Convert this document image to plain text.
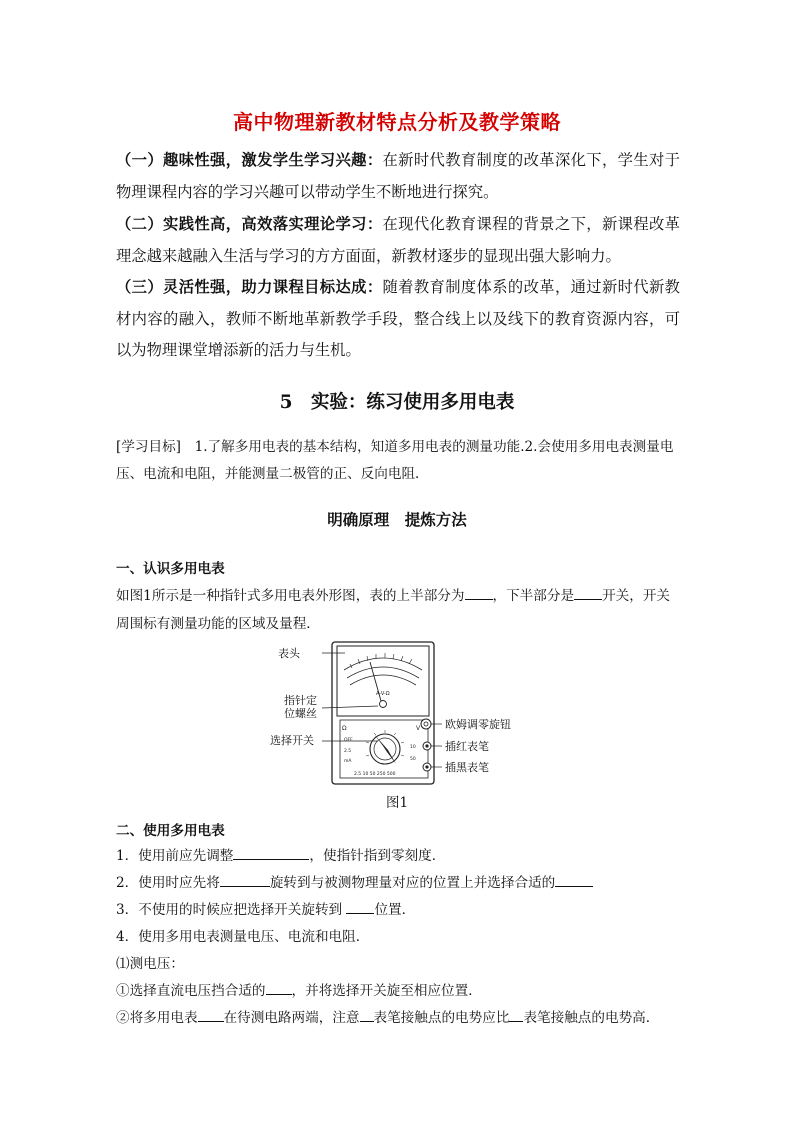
高中物理新教材特点分析及教学策略
（一）趣味性强，激发学生学习兴趣：在新时代教育制度的改革深化下，学生对于物理课程内容的学习兴趣可以带动学生不断地进行探究。
（二）实践性高，高效落实理论学习：在现代化教育课程的背景之下，新课程改革理念越来越融入生活与学习的方方面面，新教材逐步的显现出强大影响力。
（三）灵活性强，助力课程目标达成：随着教育制度体系的改革，通过新时代新教材内容的融入，教师不断地革新教学手段，整合线上以及线下的教育资源内容，可以为物理课堂增添新的活力与生机。
5　实验：练习使用多用电表
[学习目标]　1.了解多用电表的基本结构，知道多用电表的测量功能.2.会使用多用电表测量电压、电流和电阻，并能测量二极管的正、反向电阻．
明确原理　提炼方法
一、认识多用电表
如图1所示是一种指针式多用电表外形图，表的上半部分为 ，下半部分是 开关，开关周围标有测量功能的区域及量程．
A-V-Ω
Ω	V
OFF
2.5
mA
10
50
2.5 10 50 250 500
表头
指针定
位螺丝
选择开关
欧姆调零旋钮
插红表笔
插黑表笔
图1
二、使用多用电表
1．使用前应先调整	，使指针指到零刻度．
2．使用时应先将	旋转到与被测物理量对应的位置上并选择合适的
3．不使用的时候应把选择开关旋转到 位置．
4．使用多用电表测量电压、电流和电阻．
⑴测电压：
①选择直流电压挡合适的 ，并将选择开关旋至相应位置．
②将多用电表 在待测电路两端，注意 表笔接触点的电势应比 表笔接触点的电势高．
